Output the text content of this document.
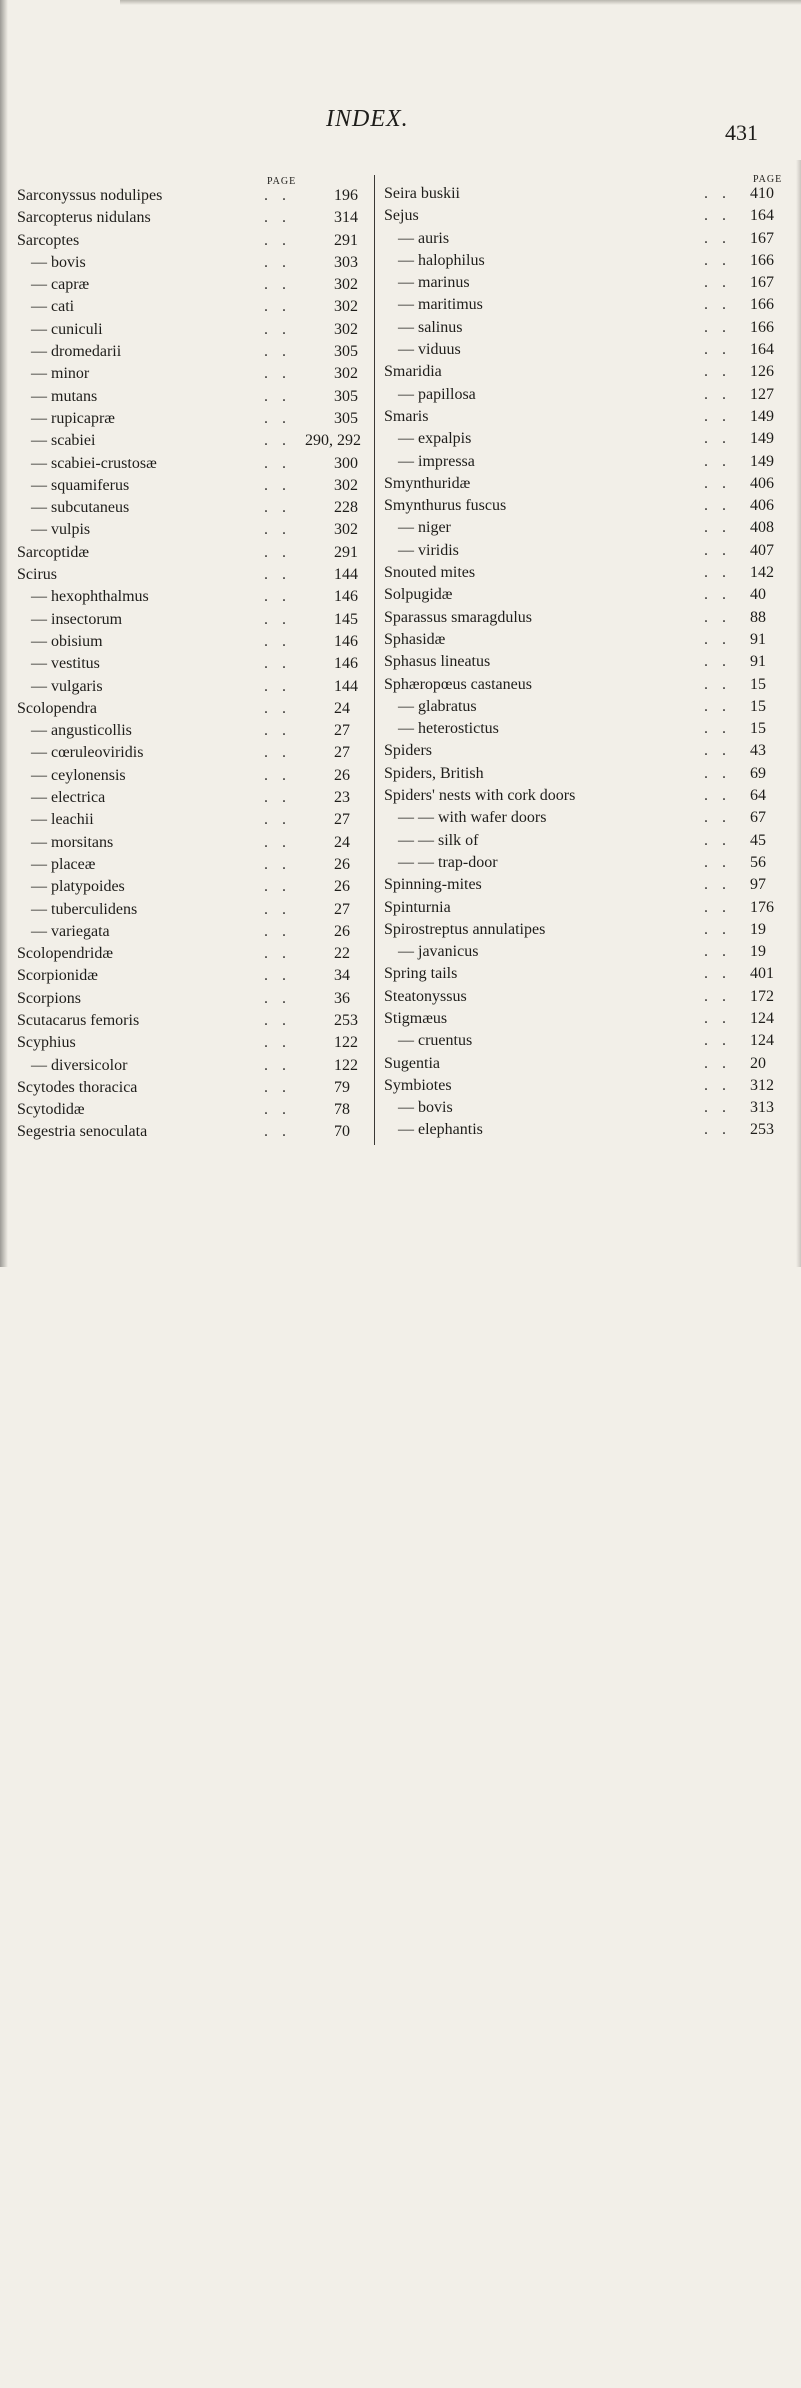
INDEX.
431
PAGE	PAGE
Sarconyssus nodulipes	. .	196
Sarcopterus nidulans	. .	314
Sarcoptes	. .	291
— bovis	. .	303
— capræ	. .	302
— cati	. .	302
— cuniculi	. .	302
— dromedarii	. .	305
— minor	. .	302
— mutans	. .	305
— rupicapræ	. .	305
— scabiei	. . 290, 292
— scabiei-crustosæ	. .	300
— squamiferus	. .	302
— subcutaneus	. .	228
— vulpis	. .	302
Sarcoptidæ	. .	291
Scirus	. .	144
— hexophthalmus	. .	146
— insectorum	. .	145
— obisium	. .	146
— vestitus	. .	146
— vulgaris	. .	144
Scolopendra	. .	24
— angusticollis	. .	27
— cœruleoviridis	. .	27
— ceylonensis	. .	26
— electrica	. .	23
— leachii	. .	27
— morsitans	. .	24
— placeæ	. .	26
— platypoides	. .	26
— tuberculidens	. .	27
— variegata	. .	26
Scolopendridæ	. .	22
Scorpionidæ	. .	34
Scorpions	. .	36
Scutacarus femoris	. .	253
Scyphius	. .	122
— diversicolor	. .	122
Scytodes thoracica	. .	79
Scytodidæ	. .	78
Segestria senoculata	. .	70
Seira buskii	. . 410
Sejus	. . 164
— auris	. . 167
— halophilus	. . 166
— marinus	. . 167
— maritimus	. . 166
— salinus	. . 166
— viduus	. . 164
Smaridia	. . 126
— papillosa	. . 127
Smaris	. . 149
— expalpis	. . 149
— impressa	. . 149
Smynthuridæ	. . 406
Smynthurus fuscus	. . 406
— niger	. . 408
— viridis	. . 407
Snouted mites	. . 142
Solpugidæ	. . 40
Sparassus smaragdulus	. . 88
Sphasidæ	. . 91
Sphasus lineatus	. . 91
Sphæropœus castaneus	. . 15
— glabratus	. . 15
— heterostictus	. . 15
Spiders	. . 43
Spiders, British	. . 69
Spiders' nests with cork doors	. . 64
— — with wafer doors	. . 67
— — silk of	. . 45
— — trap-door	. . 56
Spinning-mites	. . 97
Spinturnia	. . 176
Spirostreptus annulatipes	. . 19
— javanicus	. . 19
Spring tails	. . 401
Steatonyssus	. . 172
Stigmæus	. . 124
— cruentus	. . 124
Sugentia	. . 20
Symbiotes	. . 312
— bovis	. . 313
— elephantis	. . 253
